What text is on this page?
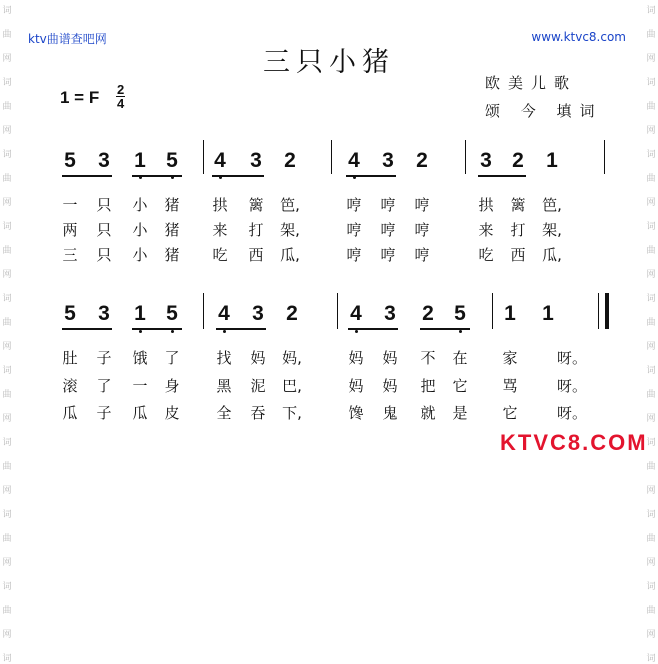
词
曲
网
词
曲
网
词
曲
网
词
曲
网
词
曲
网
词
曲
网
词
曲
网
词
曲
网
词
曲
网
词
词
曲
网
词
曲
网
词
曲
网
词
曲
网
词
曲
网
词
曲
网
词
曲
网
词
曲
网
词
曲
网
词
ktv曲谱查吧网	www.ktvc8.com
三只小猪
欧美儿歌
颂 今 填词
1 = F 2
4
5 3 1 5 4 3 2 4 3 2 3 2 1
一 只 小 猪 拱 篱 笆,	哼 哼 哼	拱 篱 笆,
两 只 小 猪 来 打 架,	哼 哼 哼	来 打 架,
三 只 小 猪 吃 西 瓜,	哼 哼 哼	吃 西 瓜,
5 3 1 5 4 3 2 4 3 2 5 1 1
肚 子 饿 了 找 妈 妈,	妈 妈 不 在 家	呀。
滚 了 一 身 黑 泥 巴,	妈 妈 把 它 骂	呀。
瓜 子 瓜 皮 全 吞 下,	馋 鬼 就 是 它	呀。
KTVC8.COM
